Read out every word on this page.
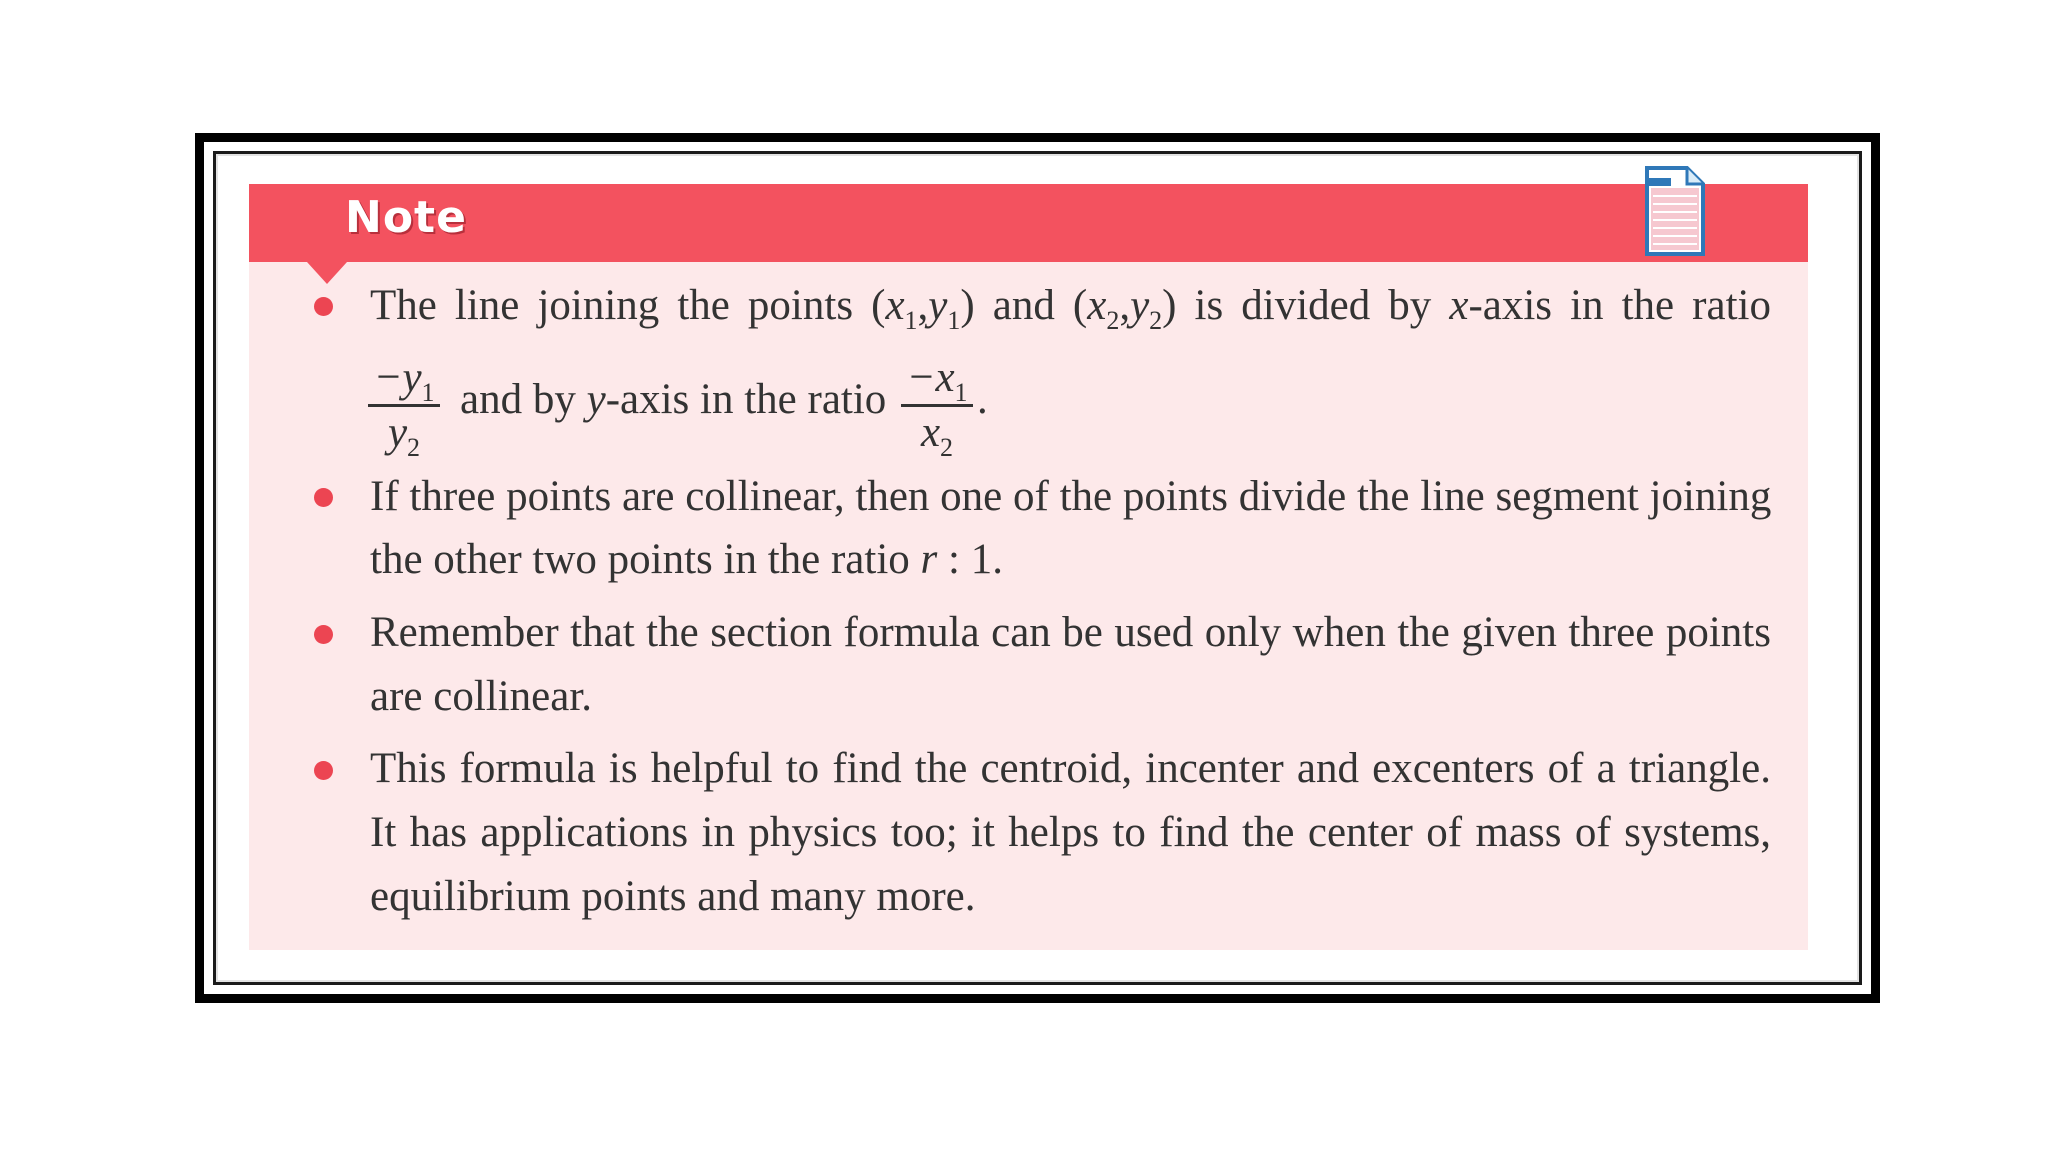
Note
The line joining the points $(x_1,y_1)$ and $(x_2,y_2)$ is divided by x-axis in the ratio
$-y_1$
$y_2$
and by y-axis in the ratio $-x_1$
$x_2$
.
If three points are collinear, then one of the points divide the line segment joining
the other two points in the ratio r : 1.
Remember that the section formula can be used only when the given three points
are collinear.
This formula is helpful to find the centroid, incenter and excenters of a triangle.
It has applications in physics too; it helps to find the center of mass of systems,
equilibrium points and many more.
